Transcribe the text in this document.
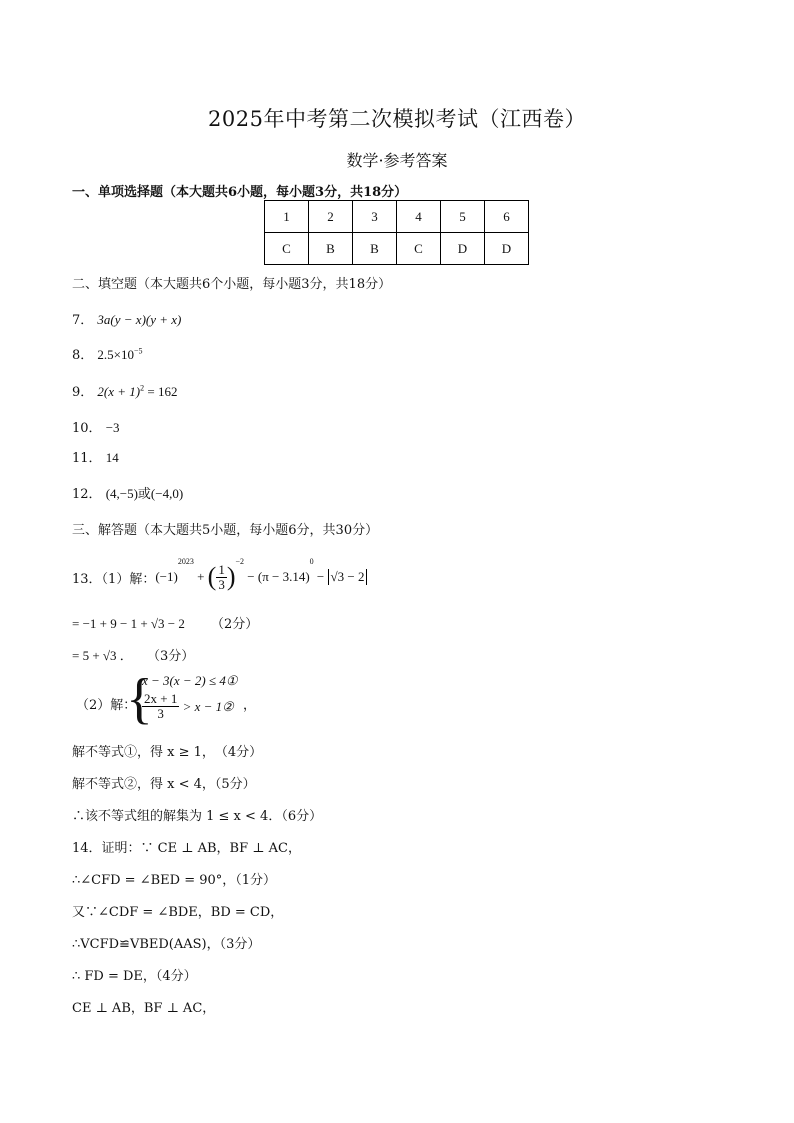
2025年中考第二次模拟考试（江西卷）
数学·参考答案
一、单项选择题（本大题共6小题，每小题3分，共18分）
1	2	3	4	5	6
C	B	B	C	D	D
二、填空题（本大题共6个小题，每小题3分，共18分）
7． 3a(y − x)(y + x)
8． $2.5\times 10^{-5}$
9． $2(x + 1)^2 = 162$
10． −3
11． 14
12． (4,−5)或(−4,0)
三、解答题（本大题共5小题，每小题6分，共30分）
13．（1）解： (−1)
2023
+ ( $\frac{1}{3}$ )
$^{-2}$
− (π − 3.14)
0
− √3 − 2
= −1 + 9 − 1 + √3 − 2 （2分）
= 5 + √3 ． （3分）
（2）解：
{
x − 3(x − 2) ≤ 4①
$\frac{2x + 1}{3} > x$ − 1② ，
解不等式①，得 x ≥ 1，　（4分）
解不等式②，得 x < 4，（5分）
∴该不等式组的解集为 1 ≤ x < 4．（6分）
14．证明：∵ CE ⊥ AB，BF ⊥ AC，
∴∠CFD = ∠BED = 90°，（1分）
又∵∠CDF = ∠BDE，BD = CD，
∴VCFD≌VBED(AAS)，（3分）
∴ FD = DE，（4分）
CE ⊥ AB，BF ⊥ AC，
